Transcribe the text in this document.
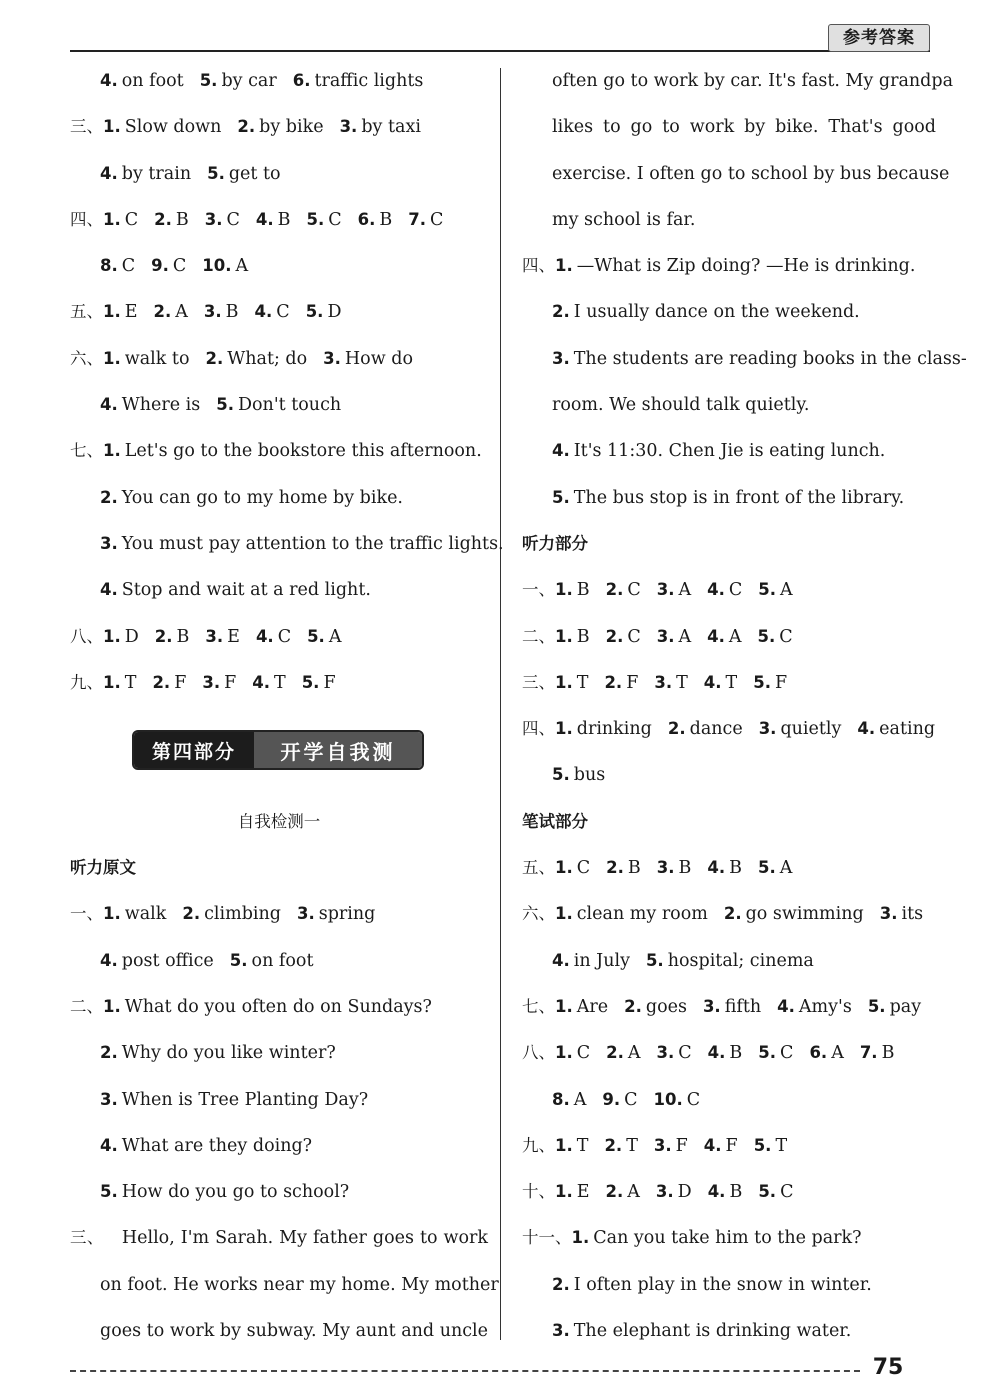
参考答案
4. on foot 5. by car 6. traffic lights
三、1. Slow down 2. by bike 3. by taxi
4. by train 5. get to
四、1. C 2. B 3. C 4. B 5. C 6. B 7. C
8. C 9. C 10. A
五、1. E 2. A 3. B 4. C 5. D
六、1. walk to 2. What; do 3. How do
4. Where is 5. Don't touch
七、1. Let's go to the bookstore this afternoon.
2. You can go to my home by bike.
3. You must pay attention to the traffic lights.
4. Stop and wait at a red light.
八、1. D 2. B 3. E 4. C 5. A
九、1. T 2. F 3. F 4. T 5. F
第四部分	开学自我测
自我检测一
听力原文
一、1. walk 2. climbing 3. spring
4. post office 5. on foot
二、1. What do you often do on Sundays?
2. Why do you like winter?
3. When is Tree Planting Day?
4. What are they doing?
5. How do you go to school?
三、 Hello, I'm Sarah. My father goes to work
on foot. He works near my home. My mother
goes to work by subway. My aunt and uncle
often go to work by car. It's fast. My grandpa
likes to go to work by bike. That's good
exercise. I often go to school by bus because
my school is far.
四、1. —What is Zip doing? —He is drinking.
2. I usually dance on the weekend.
3. The students are reading books in the class-
room. We should talk quietly.
4. It's 11:30. Chen Jie is eating lunch.
5. The bus stop is in front of the library.
听力部分
一、1. B 2. C 3. A 4. C 5. A
二、1. B 2. C 3. A 4. A 5. C
三、1. T 2. F 3. T 4. T 5. F
四、1. drinking 2. dance 3. quietly 4. eating
5. bus
笔试部分
五、1. C 2. B 3. B 4. B 5. A
六、1. clean my room 2. go swimming 3. its
4. in July 5. hospital; cinema
七、1. Are 2. goes 3. fifth 4. Amy's 5. pay
八、1. C 2. A 3. C 4. B 5. C 6. A 7. B
8. A 9. C 10. C
九、1. T 2. T 3. F 4. F 5. T
十、1. E 2. A 3. D 4. B 5. C
十一、1. Can you take him to the park?
2. I often play in the snow in winter.
3. The elephant is drinking water.
75
